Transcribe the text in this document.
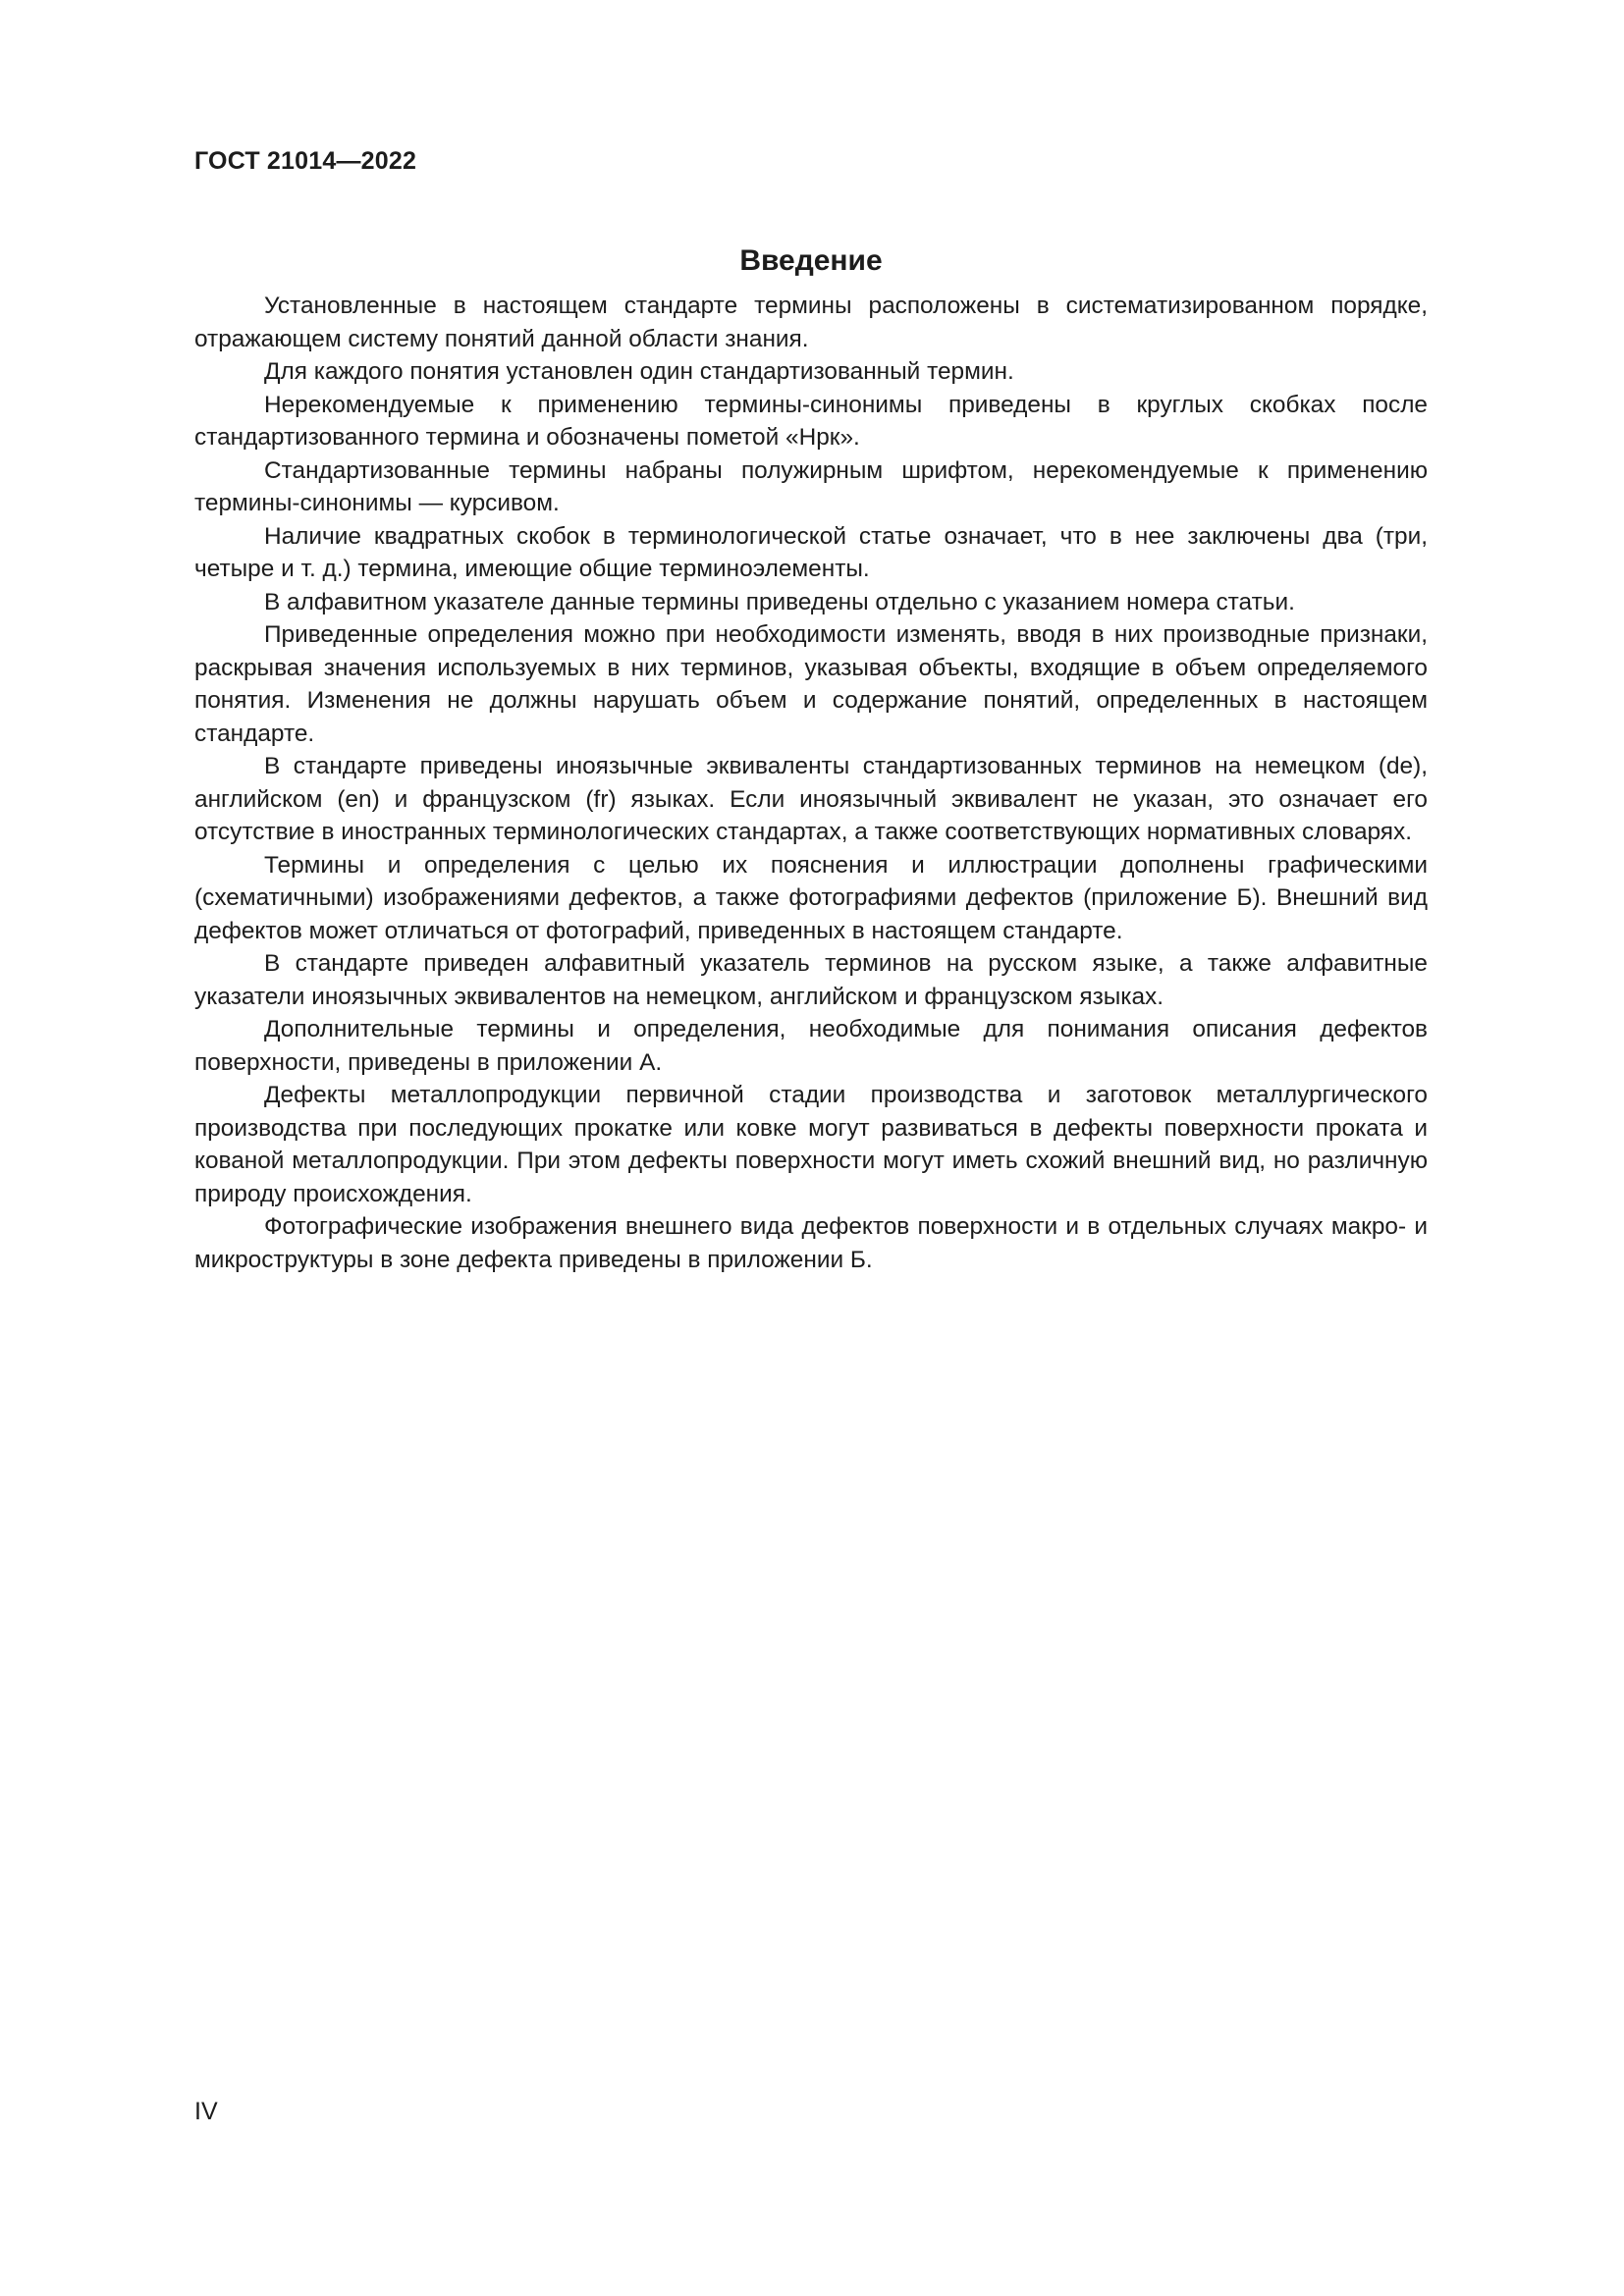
ГОСТ 21014—2022
Введение

Установленные в настоящем стандарте термины расположены в систематизированном порядке, отражающем систему понятий данной области знания.

Для каждого понятия установлен один стандартизованный термин.

Нерекомендуемые к применению термины-синонимы приведены в круглых скобках после стандартизованного термина и обозначены пометой «Нрк».

Стандартизованные термины набраны полужирным шрифтом, нерекомендуемые к применению термины-синонимы — курсивом.

Наличие квадратных скобок в терминологической статье означает, что в нее заключены два (три, четыре и т. д.) термина, имеющие общие терминоэлементы.

В алфавитном указателе данные термины приведены отдельно с указанием номера статьи.

Приведенные определения можно при необходимости изменять, вводя в них производные признаки, раскрывая значения используемых в них терминов, указывая объекты, входящие в объем определяемого понятия. Изменения не должны нарушать объем и содержание понятий, определенных в настоящем стандарте.

В стандарте приведены иноязычные эквиваленты стандартизованных терминов на немецком (de), английском (en) и французском (fr) языках. Если иноязычный эквивалент не указан, это означает его отсутствие в иностранных терминологических стандартах, а также соответствующих нормативных словарях.

Термины и определения с целью их пояснения и иллюстрации дополнены графическими (схематичными) изображениями дефектов, а также фотографиями дефектов (приложение Б). Внешний вид дефектов может отличаться от фотографий, приведенных в настоящем стандарте.

В стандарте приведен алфавитный указатель терминов на русском языке, а также алфавитные указатели иноязычных эквивалентов на немецком, английском и французском языках.

Дополнительные термины и определения, необходимые для понимания описания дефектов поверхности, приведены в приложении А.

Дефекты металлопродукции первичной стадии производства и заготовок металлургического производства при последующих прокатке или ковке могут развиваться в дефекты поверхности проката и кованой металлопродукции. При этом дефекты поверхности могут иметь схожий внешний вид, но различную природу происхождения.

Фотографические изображения внешнего вида дефектов поверхности и в отдельных случаях макро- и микроструктуры в зоне дефекта приведены в приложении Б.

IV
